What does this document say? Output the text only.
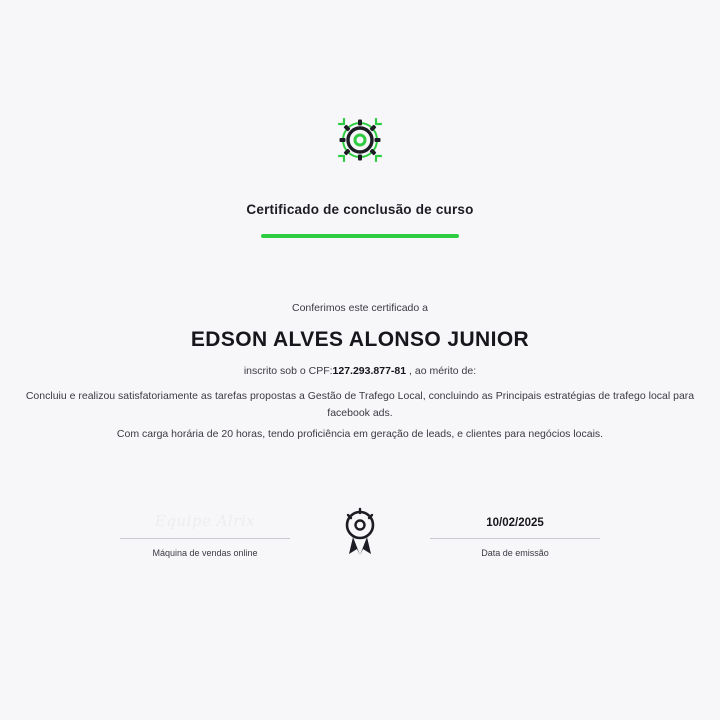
Certificado de conclusão de curso
Conferimos este certificado a
EDSON ALVES ALONSO JUNIOR
inscrito sob o CPF:127.293.877-81 , ao mérito de:
Concluiu e realizou satisfatoriamente as tarefas propostas a Gestão de Trafego Local, concluindo as Principais estratégias de trafego local para facebook ads.
Com carga horária de 20 horas, tendo proficiência em geração de leads, e clientes para negócios locais.
Equipe Alrix
Máquina de vendas online
10/02/2025
Data de emissão
